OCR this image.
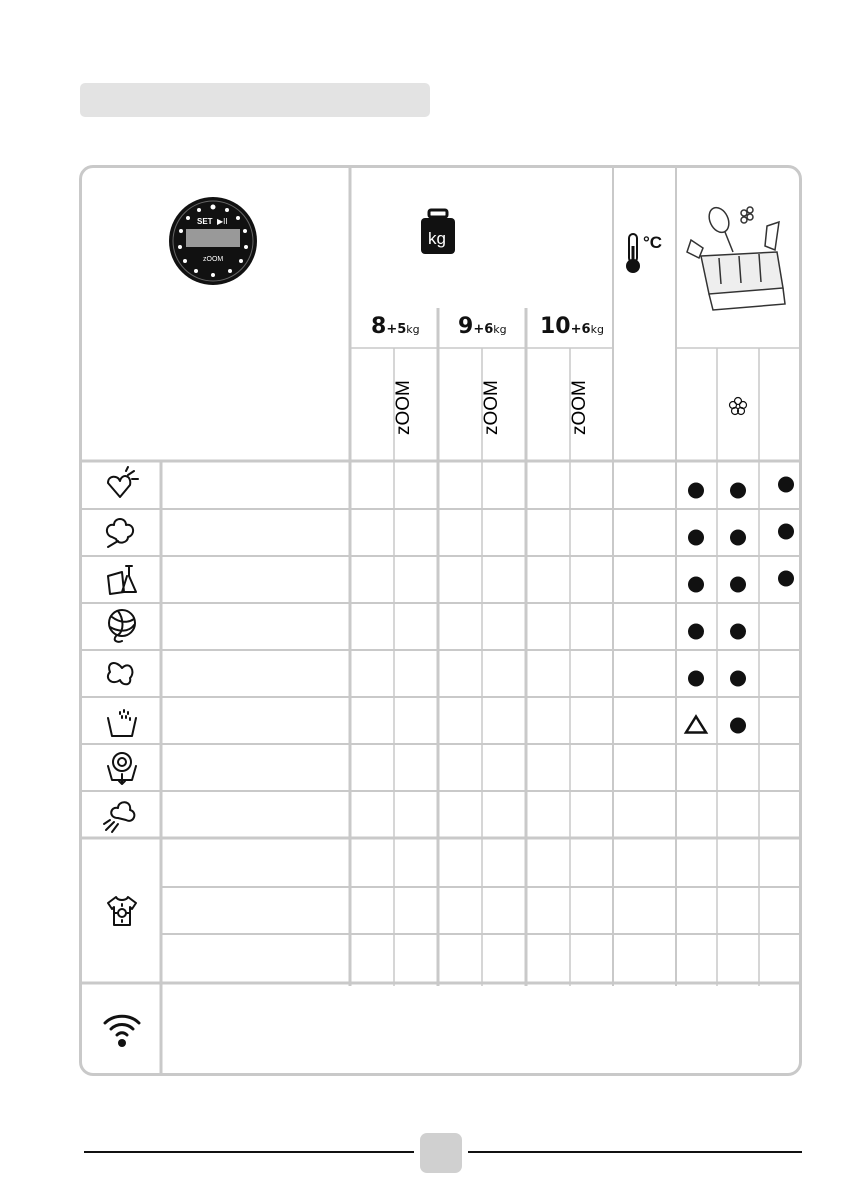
SET ▶II
zOOM
kg
8+5kg 9+6kg 10+6kg
zOOM	zOOM	zOOM
°C
